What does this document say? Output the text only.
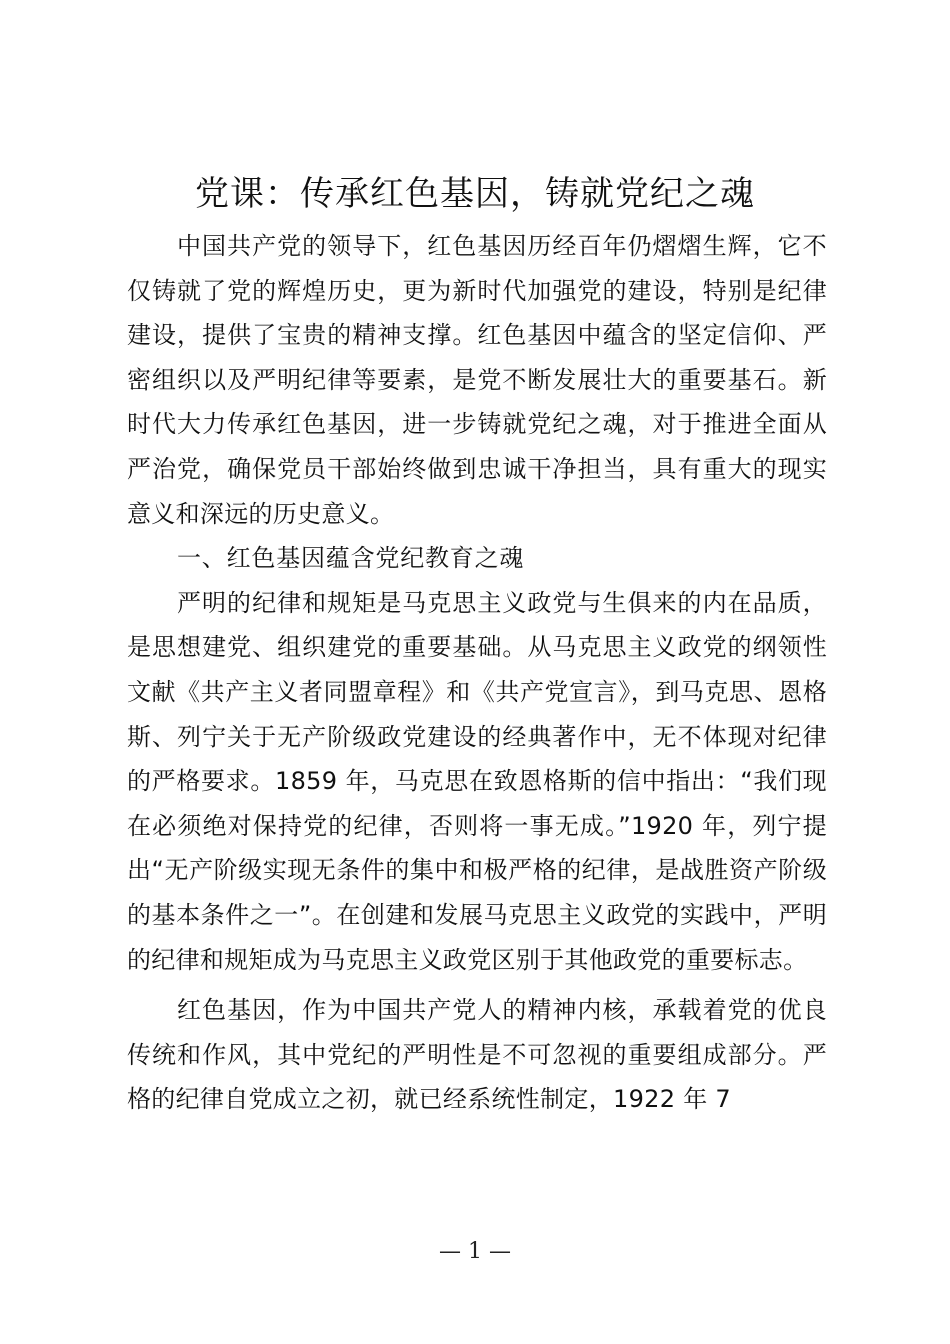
党课：传承红色基因，铸就党纪之魂

中国共产党的领导下，红色基因历经百年仍熠熠生辉，它不仅铸就了党的辉煌历史，更为新时代加强党的建设，特别是纪律建设，提供了宝贵的精神支撑。红色基因中蕴含的坚定信仰、严密组织以及严明纪律等要素，是党不断发展壮大的重要基石。新时代大力传承红色基因，进一步铸就党纪之魂，对于推进全面从严治党，确保党员干部始终做到忠诚干净担当，具有重大的现实意义和深远的历史意义。

一、红色基因蕴含党纪教育之魂

严明的纪律和规矩是马克思主义政党与生俱来的内在品质，是思想建党、组织建党的重要基础。从马克思主义政党的纲领性文献《共产主义者同盟章程》和《共产党宣言》，到马克思、恩格斯、列宁关于无产阶级政党建设的经典著作中，无不体现对纪律的严格要求。1859 年，马克思在致恩格斯的信中指出：“我们现在必须绝对保持党的纪律，否则将一事无成。”1920 年，列宁提出“无产阶级实现无条件的集中和极严格的纪律，是战胜资产阶级的基本条件之一”。在创建和发展马克思主义政党的实践中，严明的纪律和规矩成为马克思主义政党区别于其他政党的重要标志。

红色基因，作为中国共产党人的精神内核，承载着党的优良传统和作风，其中党纪的严明性是不可忽视的重要组成部分。严格的纪律自党成立之初，就已经系统性制定，1922 年 7

— 1 —
